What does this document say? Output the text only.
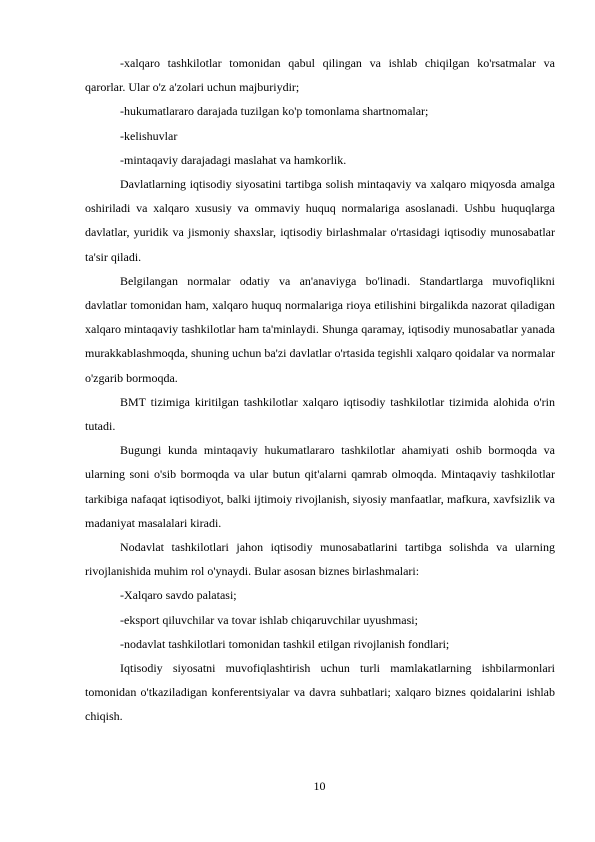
-xalqaro tashkilotlar tomonidan qabul qilingan va ishlab chiqilgan ko'rsatmalar va qarorlar. Ular o'z a'zolari uchun majburiydir;

-hukumatlararo darajada tuzilgan ko'p tomonlama shartnomalar;

-kelishuvlar

-mintaqaviy darajadagi maslahat va hamkorlik.

Davlatlarning iqtisodiy siyosatini tartibga solish mintaqaviy va xalqaro miqyosda amalga oshiriladi va xalqaro xususiy va ommaviy huquq normalariga asoslanadi. Ushbu huquqlarga davlatlar, yuridik va jismoniy shaxslar, iqtisodiy birlashmalar o'rtasidagi iqtisodiy munosabatlar ta'sir qiladi.

Belgilangan normalar odatiy va an'anaviyga bo'linadi. Standartlarga muvofiqlikni davlatlar tomonidan ham, xalqaro huquq normalariga rioya etilishini birgalikda nazorat qiladigan xalqaro mintaqaviy tashkilotlar ham ta'minlaydi. Shunga qaramay, iqtisodiy munosabatlar yanada murakkablashmoqda, shuning uchun ba'zi davlatlar o'rtasida tegishli xalqaro qoidalar va normalar o'zgarib bormoqda.

BMT tizimiga kiritilgan tashkilotlar xalqaro iqtisodiy tashkilotlar tizimida alohida o'rin tutadi.

Bugungi kunda mintaqaviy hukumatlararo tashkilotlar ahamiyati oshib bormoqda va ularning soni o'sib bormoqda va ular butun qit'alarni qamrab olmoqda. Mintaqaviy tashkilotlar tarkibiga nafaqat iqtisodiyot, balki ijtimoiy rivojlanish, siyosiy manfaatlar, mafkura, xavfsizlik va madaniyat masalalari kiradi.

Nodavlat tashkilotlari jahon iqtisodiy munosabatlarini tartibga solishda va ularning rivojlanishida muhim rol o'ynaydi. Bular asosan biznes birlashmalari:

-Xalqaro savdo palatasi;

-eksport qiluvchilar va tovar ishlab chiqaruvchilar uyushmasi;

-nodavlat tashkilotlari tomonidan tashkil etilgan rivojlanish fondlari;

Iqtisodiy siyosatni muvofiqlashtirish uchun turli mamlakatlarning ishbilarmonlari tomonidan o'tkaziladigan konferentsiyalar va davra suhbatlari; xalqaro biznes qoidalarini ishlab chiqish.

10
